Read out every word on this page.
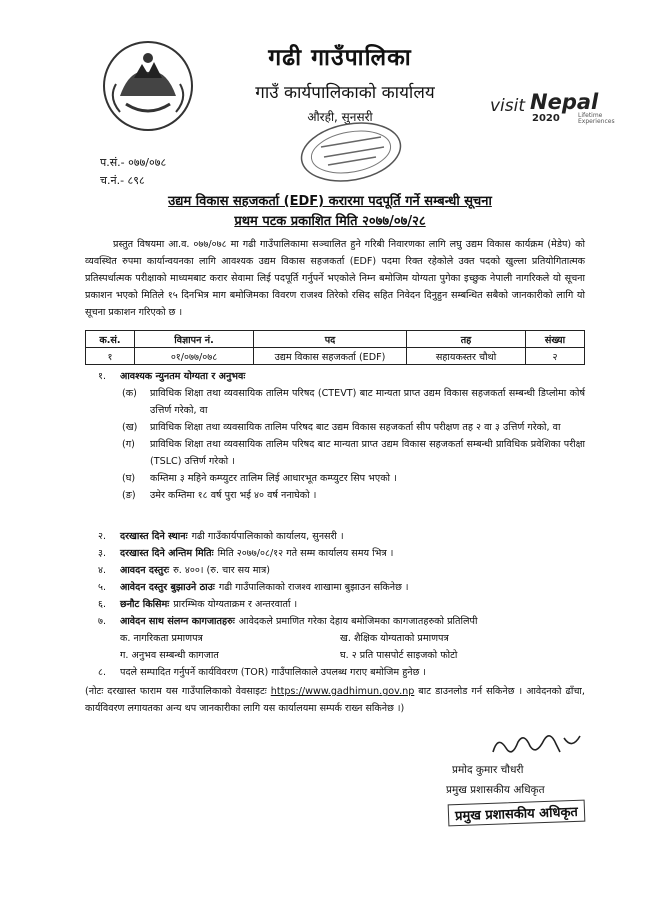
गढी गाउँपालिका
गाउँ कार्यपालिकाको कार्यालय
औरही, सुनसरी
visit Nepal
2020	Lifetime Experiences
प.सं.- ०७७/०७८
च.नं.- ८९८
उद्यम विकास सहजकर्ता (EDF) करारमा पदपूर्ति गर्ने सम्बन्धी सूचना
प्रथम पटक प्रकाशित मिति २०७७/०७/२८
प्रस्तुत विषयमा आ.व. ०७७/०७८ मा गढी गाउँपालिकामा सञ्चालित हुने गरिबी निवारणका लागि लघु उद्यम विकास कार्यक्रम (मेडेप) को व्यवस्थित रुपमा कार्यान्वयनका लागि आवश्यक उद्यम विकास सहजकर्ता (EDF) पदमा रिक्त रहेकोले उक्त पदको खुल्ला प्रतियोगितात्मक प्रतिस्पर्धात्मक परीक्षाको माध्यमबाट करार सेवामा लिई पदपूर्ति गर्नुपर्ने भएकोले निम्न बमोजिम योग्यता पुगेका इच्छुक नेपाली नागरिकले यो सूचना प्रकाशन भएको मितिले १५ दिनभित्र माग बमोजिमका विवरण राजश्व तिरेको रसिद सहित निवेदन दिनुहुन सम्बन्धित सबैको जानकारीको लागि यो सूचना प्रकाशन गरिएको छ ।
क.सं.	विज्ञापन नं.	पद	तह	संख्या
१	०१/०७७/०७८	उद्यम विकास सहजकर्ता (EDF)	सहायकस्तर चौथो	२
१.	आवश्यक न्युनतम योग्यता र अनुभवः
(क)	प्राविधिक शिक्षा तथा व्यवसायिक तालिम परिषद (CTEVT) बाट मान्यता प्राप्त उद्यम विकास सहजकर्ता सम्बन्धी डिप्लोमा कोर्ष उत्तिर्ण गरेको, वा
(ख)	प्राविधिक शिक्षा तथा व्यवसायिक तालिम परिषद बाट उद्यम विकास सहजकर्ता सीप परीक्षण तह २ वा ३ उत्तिर्ण गरेको, वा
(ग)	प्राविधिक शिक्षा तथा व्यवसायिक तालिम परिषद बाट मान्यता प्राप्त उद्यम विकास सहजकर्ता सम्बन्धी प्राविधिक प्रवेशिका परीक्षा (TSLC) उत्तिर्ण गरेको ।
(घ)	कम्तिमा ३ महिने कम्प्युटर तालिम लिई आधारभूत कम्प्युटर सिप भएको ।
(ङ)	उमेर कम्तिमा १८ वर्ष पुरा भई ४० वर्ष ननाघेको ।
२.	दरखास्त दिने स्थानः गढी गाउँकार्यपालिकाको कार्यालय, सुनसरी ।
३.	दरखास्त दिने अन्तिम मितिः मिति २०७७/०८/१२ गते सम्म कार्यालय समय भित्र ।
४.	आवदन दस्तुरः रु. ४००। (रु. चार सय मात्र)
५.	आवेदन दस्तुर बुझाउने ठाउः गढी गाउँपालिकाको राजश्व शाखामा बुझाउन सकिनेछ ।
६.	छनौट किसिमः प्रारम्भिक योग्यताक्रम र अन्तरवार्ता ।
७.	आवेदन साथ संलग्न कागजातहरुः आवेदकले प्रमाणित गरेका देहाय बमोजिमका कागजातहरुको प्रतिलिपी
क. नागरिकता प्रमाणपत्र	ख. शैक्षिक योग्यताको प्रमाणपत्र
ग. अनुभव सम्बन्धी कागजात	घ. २ प्रति पासपोर्ट साइजको फोटो
८.	पदले सम्पादित गर्नुपर्ने कार्यविवरण (TOR) गाउँपालिकाले उपलब्ध गराए बमोजिम हुनेछ ।
(नोटः दरखास्त फाराम यस गाउँपालिकाको वेवसाइटः https://www.gadhimun.gov.np बाट डाउनलोड गर्न सकिनेछ । आवेदनको ढाँचा, कार्यविवरण लगायतका अन्य थप जानकारीका लागि यस कार्यालयमा सम्पर्क राख्न सकिनेछ ।)
प्रमोद कुमार चौधरी
प्रमुख प्रशासकीय अधिकृत
प्रमुख प्रशासकीय अधिकृत
